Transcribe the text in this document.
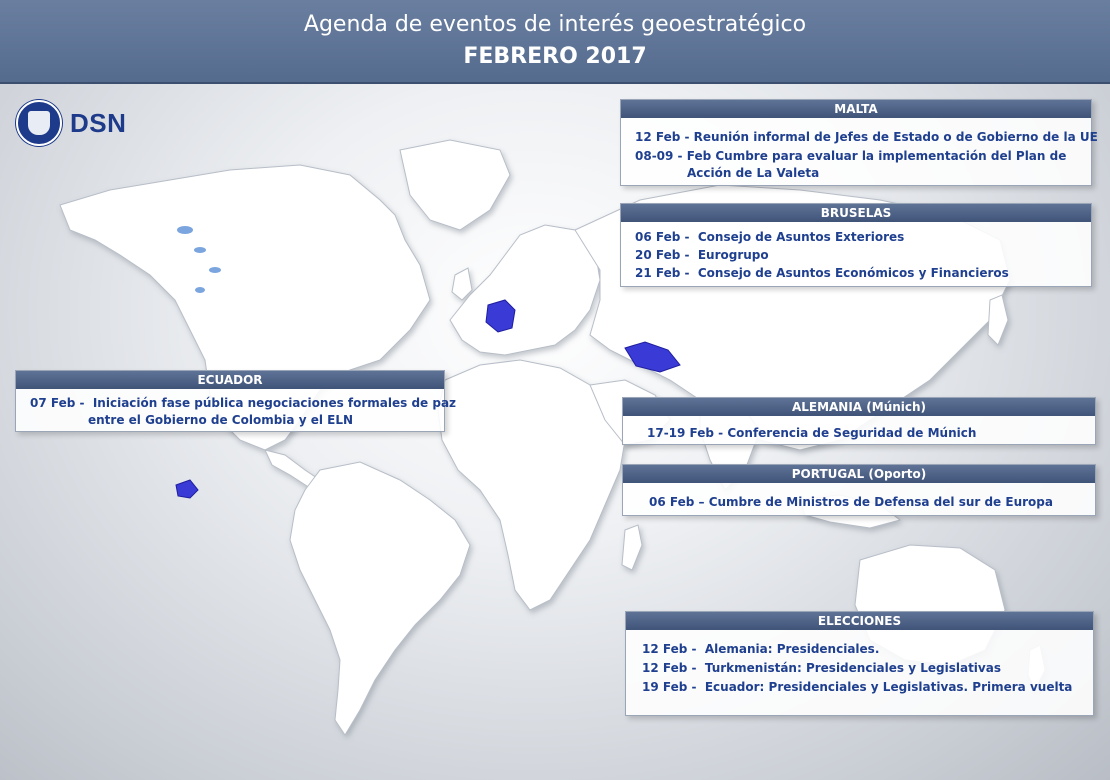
Agenda de eventos de interés geoestratégico
FEBRERO 2017
DSN	MALTA
12 Feb - Reunión informal de Jefes de Estado o de Gobierno de la UE
08-09 - Feb Cumbre para evaluar la implementación del Plan de
Acción de La Valeta
BRUSELAS
06 Feb - Consejo de Asuntos Exteriores
20 Feb - Eurogrupo
21 Feb - Consejo de Asuntos Económicos y Financieros
ECUADOR
07 Feb - Iniciación fase pública negociaciones formales de paz
entre el Gobierno de Colombia y el ELN
ALEMANIA (Múnich)
17-19 Feb - Conferencia de Seguridad de Múnich
PORTUGAL (Oporto)
06 Feb – Cumbre de Ministros de Defensa del sur de Europa
ELECCIONES
12 Feb - Alemania: Presidenciales.
12 Feb - Turkmenistán: Presidenciales y Legislativas
19 Feb - Ecuador: Presidenciales y Legislativas. Primera vuelta
